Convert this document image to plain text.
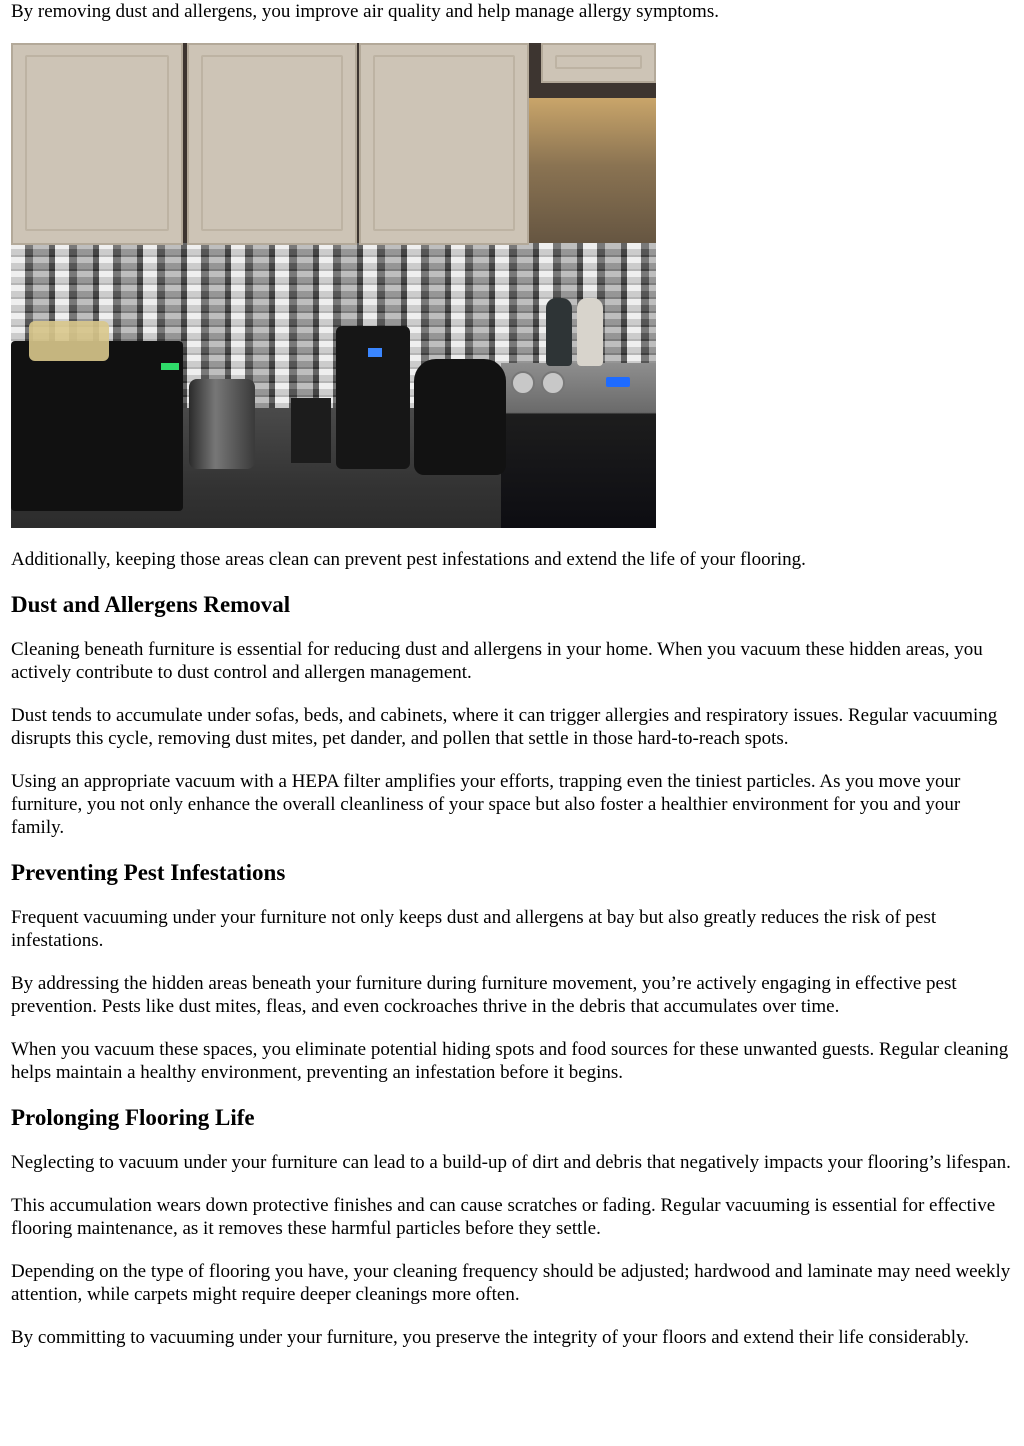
By removing dust and allergens, you improve air quality and help manage allergy symptoms.

Additionally, keeping those areas clean can prevent pest infestations and extend the life of your flooring.

Dust and Allergens Removal

Cleaning beneath furniture is essential for reducing dust and allergens in your home. When you vacuum these hidden areas, you actively contribute to dust control and allergen management.

Dust tends to accumulate under sofas, beds, and cabinets, where it can trigger allergies and respiratory issues. Regular vacuuming disrupts this cycle, removing dust mites, pet dander, and pollen that settle in those hard-to-reach spots.

Using an appropriate vacuum with a HEPA filter amplifies your efforts, trapping even the tiniest particles. As you move your furniture, you not only enhance the overall cleanliness of your space but also foster a healthier environment for you and your family.

Preventing Pest Infestations

Frequent vacuuming under your furniture not only keeps dust and allergens at bay but also greatly reduces the risk of pest infestations.

By addressing the hidden areas beneath your furniture during furniture movement, you’re actively engaging in effective pest prevention. Pests like dust mites, fleas, and even cockroaches thrive in the debris that accumulates over time.

When you vacuum these spaces, you eliminate potential hiding spots and food sources for these unwanted guests. Regular cleaning helps maintain a healthy environment, preventing an infestation before it begins.

Prolonging Flooring Life

Neglecting to vacuum under your furniture can lead to a build-up of dirt and debris that negatively impacts your flooring’s lifespan.

This accumulation wears down protective finishes and can cause scratches or fading. Regular vacuuming is essential for effective flooring maintenance, as it removes these harmful particles before they settle.

Depending on the type of flooring you have, your cleaning frequency should be adjusted; hardwood and laminate may need weekly attention, while carpets might require deeper cleanings more often.

By committing to vacuuming under your furniture, you preserve the integrity of your floors and extend their life considerably.
